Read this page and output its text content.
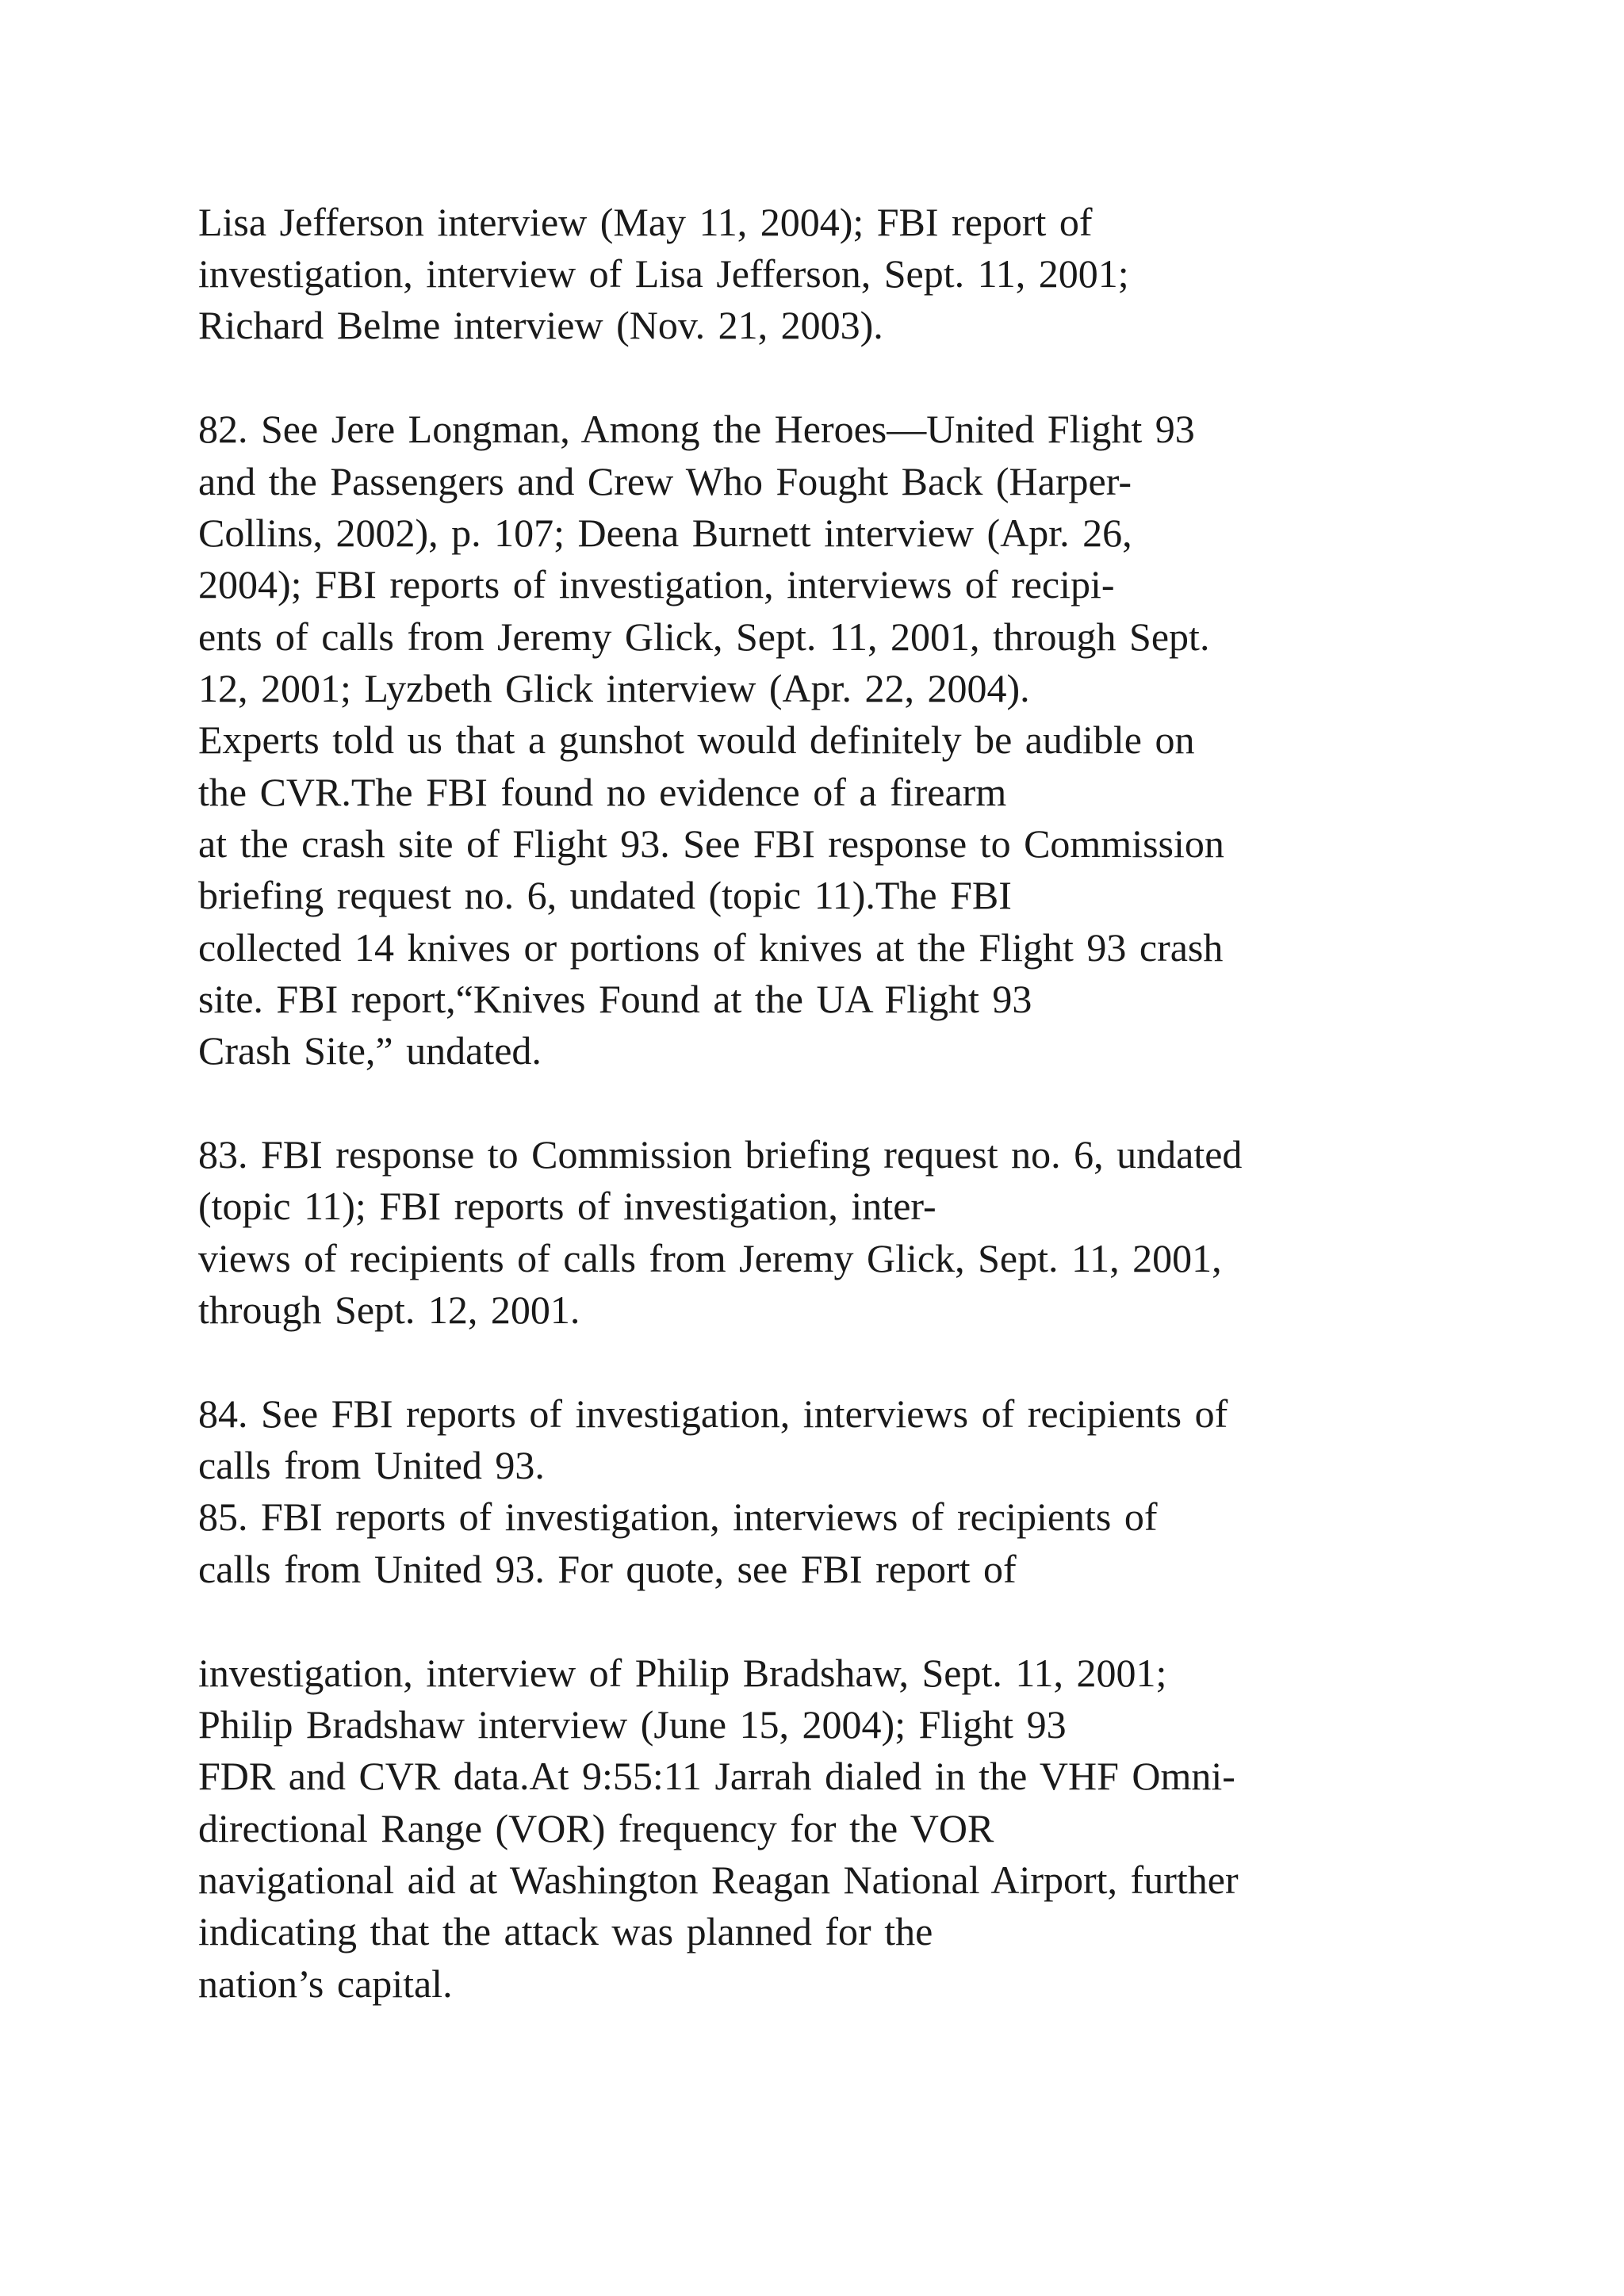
Lisa Jefferson interview (May 11, 2004); FBI report of

investigation, interview of Lisa Jefferson, Sept. 11, 2001;

Richard Belme interview (Nov. 21, 2003).

82. See Jere Longman, Among the Heroes—United Flight 93

and the Passengers and Crew Who Fought Back (Harper-

Collins, 2002), p. 107; Deena Burnett interview (Apr. 26,

2004); FBI reports of investigation, interviews of recipi-

ents of calls from Jeremy Glick, Sept. 11, 2001, through Sept.

12, 2001; Lyzbeth Glick interview (Apr. 22, 2004).

Experts told us that a gunshot would definitely be audible on

the CVR.The FBI found no evidence of a firearm

at the crash site of Flight 93. See FBI response to Commission

briefing request no. 6, undated (topic 11).The FBI

collected 14 knives or portions of knives at the Flight 93 crash

site. FBI report,“Knives Found at the UA Flight 93

Crash Site,” undated.

83. FBI response to Commission briefing request no. 6, undated

(topic 11); FBI reports of investigation, inter-

views of recipients of calls from Jeremy Glick, Sept. 11, 2001,

through Sept. 12, 2001.

84. See FBI reports of investigation, interviews of recipients of

calls from United 93.

85. FBI reports of investigation, interviews of recipients of

calls from United 93. For quote, see FBI report of

investigation, interview of Philip Bradshaw, Sept. 11, 2001;

Philip Bradshaw interview (June 15, 2004); Flight 93

FDR and CVR data.At 9:55:11 Jarrah dialed in the VHF Omni-

directional Range (VOR) frequency for the VOR

navigational aid at Washington Reagan National Airport, further

indicating that the attack was planned for the

nation’s capital.
